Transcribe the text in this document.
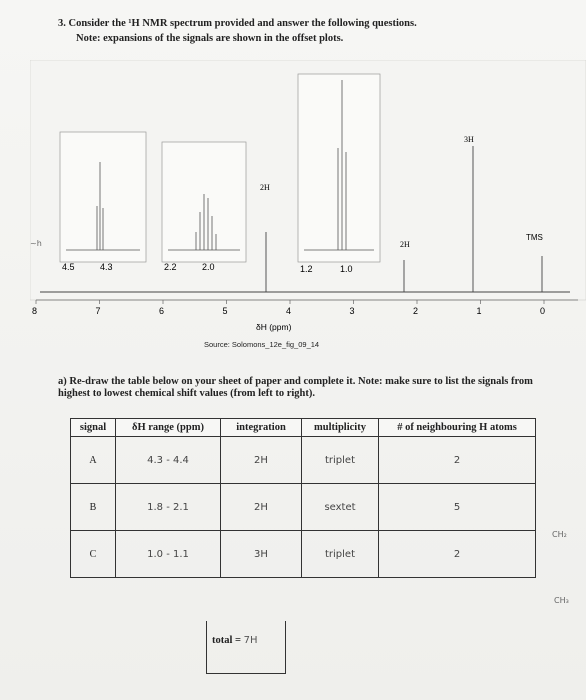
3. Consider the ¹H NMR spectrum provided and answer the following questions.
Note: expansions of the signals are shown in the offset plots.
4.5	4.3	2.2	2.0	1.2	1.0
2H
2H
3H
TMS
~h
8	7	6	5	4	3	2	1	0
δH (ppm)
Source: Solomons_12e_fig_09_14
a) Re-draw the table below on your sheet of paper and complete it. Note: make sure to list the signals from highest to lowest chemical shift values (from left to right).
signal	δH range (ppm)	integration	multiplicity	# of neighbouring H atoms
A	4.3 - 4.4	2H	triplet	2
B	1.8 - 2.1	2H	sextet	5
C	1.0 - 1.1	3H	triplet	2
total = 7H
CH₂
CH₃
